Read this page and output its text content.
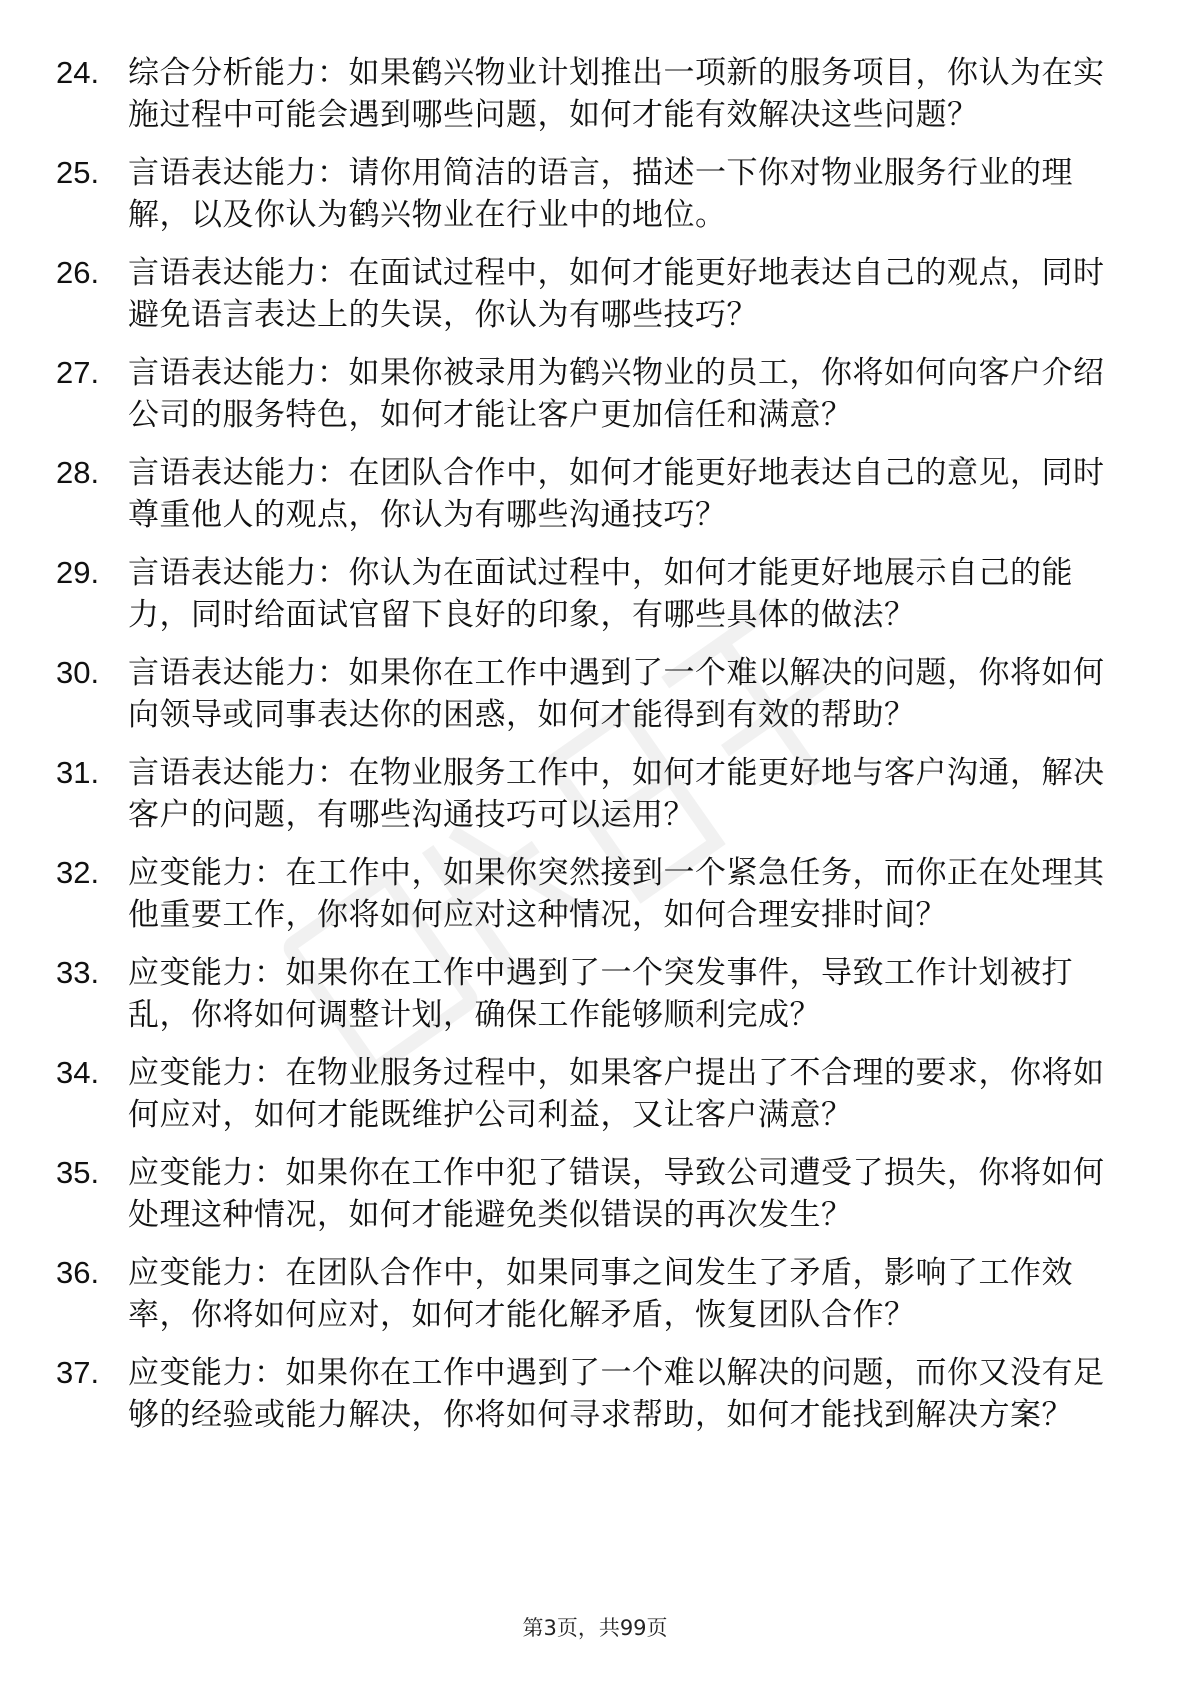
24. 综合分析能力：如果鹤兴物业计划推出一项新的服务项目，你认为在实施过程中可能会遇到哪些问题，如何才能有效解决这些问题？
25. 言语表达能力：请你用简洁的语言，描述一下你对物业服务行业的理解，以及你认为鹤兴物业在行业中的地位。
26. 言语表达能力：在面试过程中，如何才能更好地表达自己的观点，同时避免语言表达上的失误，你认为有哪些技巧？
27. 言语表达能力：如果你被录用为鹤兴物业的员工，你将如何向客户介绍公司的服务特色，如何才能让客户更加信任和满意？
28. 言语表达能力：在团队合作中，如何才能更好地表达自己的意见，同时尊重他人的观点，你认为有哪些沟通技巧？
29. 言语表达能力：你认为在面试过程中，如何才能更好地展示自己的能力，同时给面试官留下良好的印象，有哪些具体的做法？
30. 言语表达能力：如果你在工作中遇到了一个难以解决的问题，你将如何向领导或同事表达你的困惑，如何才能得到有效的帮助？
31. 言语表达能力：在物业服务工作中，如何才能更好地与客户沟通，解决客户的问题，有哪些沟通技巧可以运用？
32. 应变能力：在工作中，如果你突然接到一个紧急任务，而你正在处理其他重要工作，你将如何应对这种情况，如何合理安排时间？
33. 应变能力：如果你在工作中遇到了一个突发事件，导致工作计划被打乱，你将如何调整计划，确保工作能够顺利完成？
34. 应变能力：在物业服务过程中，如果客户提出了不合理的要求，你将如何应对，如何才能既维护公司利益，又让客户满意？
35. 应变能力：如果你在工作中犯了错误，导致公司遭受了损失，你将如何处理这种情况，如何才能避免类似错误的再次发生？
36. 应变能力：在团队合作中，如果同事之间发生了矛盾，影响了工作效率，你将如何应对，如何才能化解矛盾，恢复团队合作？
37. 应变能力：如果你在工作中遇到了一个难以解决的问题，而你又没有足够的经验或能力解决，你将如何寻求帮助，如何才能找到解决方案？
第3页，共99页
